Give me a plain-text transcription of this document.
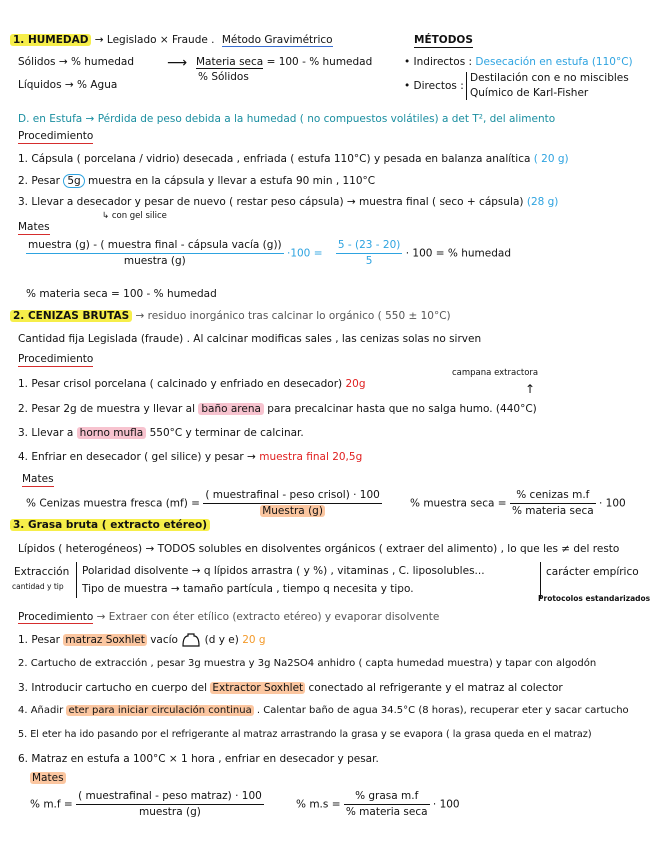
1. HUMEDAD → Legislado × Fraude . Método Gravimétrico	MÉTODOS
Sólidos → % humedad ⟶ Materia seca = 100 - % humedad
% Sólidos
Líquidos → % Agua
• Indirectos : Desecación en estufa (110°C)
• Directos :
Destilación con e no miscibles
Químico de Karl-Fisher
D. en Estufa → Pérdida de peso debida a la humedad ( no compuestos volátiles) a det T², del alimento
Procedimiento
1. Cápsula ( porcelana / vidrio) desecada , enfriada ( estufa 110°C) y pesada en balanza analítica ( 20 g)
2. Pesar 5g muestra en la cápsula y llevar a estufa 90 min , 110°C
3. Llevar a desecador y pesar de nuevo ( restar peso cápsula) → muestra final ( seco + cápsula) (28 g)
↳ con gel silice
Mates
$\frac{\text{muestra (g) - ( muestra final - cápsula vacía (g))}}{\text{muestra (g)}} \cdot 100 = \frac{5 - (23 - 20)}{5} \cdot 100$ = % humedad
% materia seca = 100 - % humedad
2. CENIZAS BRUTAS → residuo inorgánico tras calcinar lo orgánico ( 550 ± 10°C)
Cantidad fija Legislada (fraude) . Al calcinar modificas sales , las cenizas solas no sirven
Procedimiento
campana extractora
↑
1. Pesar crisol porcelana ( calcinado y enfriado en desecador) 20g
2. Pesar 2g de muestra y llevar al baño arena para precalcinar hasta que no salga humo. (440°C)
3. Llevar a horno mufla 550°C y terminar de calcinar.
4. Enfriar en desecador ( gel silice) y pesar → muestra final 20,5g
Mates
% Cenizas muestra fresca $(mf) = \frac{\text{( muestrafinal - peso crisol) · 100}}{\text{Muestra (g)}}$	% muestra $\sec a = \frac{\text{\% cenizas m.f}}{\text{\% materia seca}} \cdot 100$
3. Grasa bruta ( extracto etéreo)
Lípidos ( heterogéneos) → TODOS solubles en disolventes orgánicos ( extraer del alimento) , lo que les ≠ del resto
Extracción
cantidad y tip
Polaridad disolvente → q lípidos arrastra ( y %) , vitaminas , C. liposolubles...
Tipo de muestra → tamaño partícula , tiempo q necesita y tipo.
carácter empírico
Protocolos estandarizados
Procedimiento → Extraer con éter etílico (extracto etéreo) y evaporar disolvente
1. Pesar matraz Soxhlet vacío	(d y e) 20 g
2. Cartucho de extracción , pesar 3g muestra y 3g Na2SO4 anhidro ( capta humedad muestra) y tapar con algodón
3. Introducir cartucho en cuerpo del Extractor Soxhlet conectado al refrigerante y el matraz al colector
4. Añadir eter para iniciar circulación continua . Calentar baño de agua 34.5°C (8 horas), recuperar eter y sacar cartucho
5. El eter ha ido pasando por el refrigerante al matraz arrastrando la grasa y se evapora ( la grasa queda en el matraz)
6. Matraz en estufa a 100°C × 1 hora , enfriar en desecador y pesar.
Mates
% $m.f = \frac{\text{( muestrafinal - peso matraz) · 100}}{\text{muestra (g)}}$	% $m.s = \frac{\text{\% grasa m.f}}{\text{\% materia seca}} \cdot 100$
